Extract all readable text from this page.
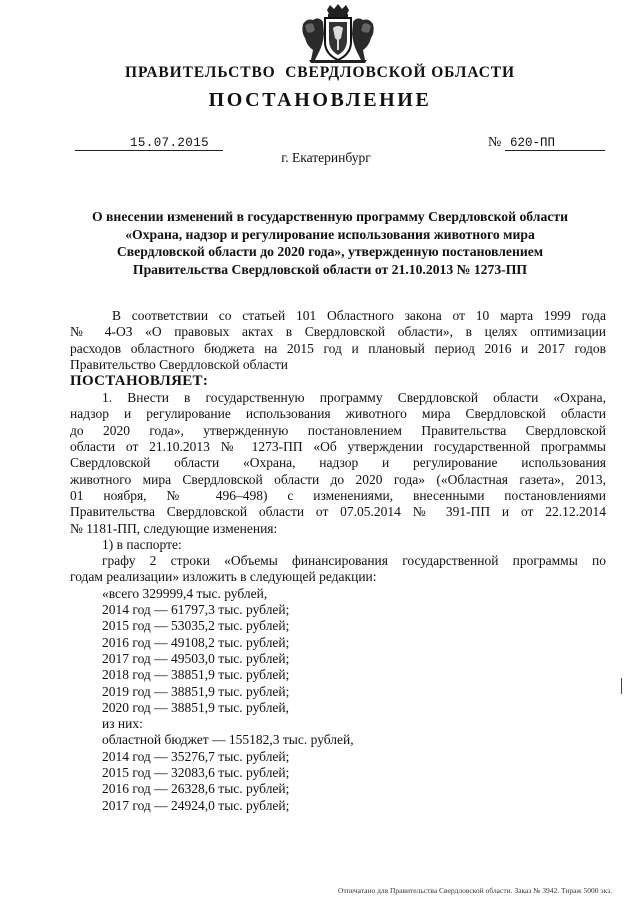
ПРАВИТЕЛЬСТВО  СВЕРДЛОВСКОЙ ОБЛАСТИ
ПОСТАНОВЛЕНИЕ
15.07.2015	№ 620-ПП
г. Екатеринбург
О внесении изменений в государственную программу Свердловской области
«Охрана, надзор и регулирование использования животного мира
Свердловской области до 2020 года», утвержденную постановлением
Правительства Свердловской области от 21.10.2013 № 1273-ПП
В соответствии со статьей 101 Областного закона от 10 марта 1999 года
№ 4-ОЗ «О правовых актах в Свердловской области», в целях оптимизации
расходов областного бюджета на 2015 год и плановый период 2016 и 2017 годов
Правительство Свердловской области
ПОСТАНОВЛЯЕТ:
1. Внести в государственную программу Свердловской области «Охрана,
надзор и регулирование использования животного мира Свердловской области
до 2020 года», утвержденную постановлением Правительства Свердловской
области от 21.10.2013 № 1273-ПП «Об утверждении государственной программы
Свердловской области «Охрана, надзор и регулирование использования
животного мира Свердловской области до 2020 года» («Областная газета», 2013,
01 ноября, № 496–498) с изменениями, внесенными постановлениями
Правительства Свердловской области от 07.05.2014 № 391-ПП и от 22.12.2014
№ 1181-ПП, следующие изменения:
1) в паспорте:
графу 2 строки «Объемы финансирования государственной программы по
годам реализации» изложить в следующей редакции:
«всего 329999,4 тыс. рублей,
2014 год — 61797,3 тыс. рублей;
2015 год — 53035,2 тыс. рублей;
2016 год — 49108,2 тыс. рублей;
2017 год — 49503,0 тыс. рублей;
2018 год — 38851,9 тыс. рублей;
2019 год — 38851,9 тыс. рублей;
2020 год — 38851,9 тыс. рублей,
из них:
областной бюджет — 155182,3 тыс. рублей,
2014 год — 35276,7 тыс. рублей;
2015 год — 32083,6 тыс. рублей;
2016 год — 26328,6 тыс. рублей;
2017 год — 24924,0 тыс. рублей;
Отпечатано для Правительства Свердловской области. Заказ № 3942. Тираж 5000 экз.
